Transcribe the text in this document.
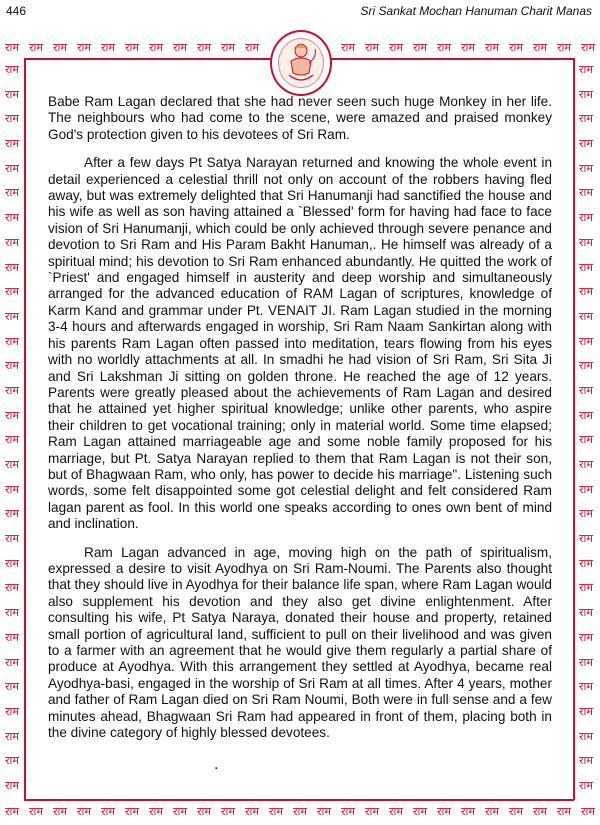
446	Sri Sankat Mochan Hanuman Charit Manas
राम राम राम राम राम राम राम राम राम राम राम	राम राम राम राम राम राम राम राम राम राम राम
राम राम राम राम राम राम राम राम राम राम राम राम राम राम राम राम राम राम राम राम राम राम राम राम राम
राम
राम
राम
राम
राम
राम
राम
राम
राम
राम
राम
राम
राम
राम
राम
राम
राम
राम
राम
राम
राम
राम
राम
राम
राम
राम
राम
राम
राम
राम
राम
राम
राम
राम
राम
राम
राम
राम
राम
राम
राम
राम
राम
राम
राम
राम
राम
राम
राम
राम
राम
राम
राम
राम
राम
राम
राम
राम
राम
राम

Babe Ram Lagan declared that she had never seen such huge Monkey in her life. The neighbours who had come to the scene, were amazed and praised monkey God's protection given to his devotees of Sri Ram.

After a few days Pt Satya Narayan returned and knowing the whole event in detail experienced a celestial thrill not only on account of the robbers having fled away, but was extremely delighted that Sri Hanumanji had sanctified the house and his wife as well as son having attained a `Blessed' form for having had face to face vision of Sri Hanumanji, which could be only achieved through severe penance and devotion to Sri Ram and His Param Bakht Hanuman,. He himself was already of a spiritual mind; his devotion to Sri Ram enhanced abundantly. He quitted the work of `Priest' and engaged himself in austerity and deep worship and simultaneously arranged for the advanced education of RAM Lagan of scriptures, knowledge of Karm Kand and grammar under Pt. VENAIT JI. Ram Lagan studied in the morning 3-4 hours and afterwards engaged in worship, Sri Ram Naam Sankirtan along with his parents Ram Lagan often passed into meditation, tears flowing from his eyes with no worldly attachments at all. In smadhi he had vision of Sri Ram, Sri Sita Ji and Sri Lakshman Ji sitting on golden throne. He reached the age of 12 years. Parents were greatly pleased about the achievements of Ram Lagan and desired that he attained yet higher spiritual knowledge; unlike other parents, who aspire their children to get vocational training; only in material world. Some time elapsed; Ram Lagan attained marriageable age and some noble family proposed for his marriage, but Pt. Satya Narayan replied to them that Ram Lagan is not their son, but of Bhagwaan Ram, who only, has power to decide his marriage". Listening such words, some felt disappointed some got celestial delight and felt considered Ram lagan parent as fool. In this world one speaks according to ones own bent of mind and inclination.

Ram Lagan advanced in age, moving high on the path of spiritualism, expressed a desire to visit Ayodhya on Sri Ram-Noumi. The Parents also thought that they should live in Ayodhya for their balance life span, where Ram Lagan would also supplement his devotion and they also get divine enlightenment. After consulting his wife, Pt Satya Naraya, donated their house and property, retained small portion of agricultural land, sufficient to pull on their livelihood and was given to a farmer with an agreement that he would give them regularly a partial share of produce at Ayodhya. With this arrangement they settled at Ayodhya, became real Ayodhya-basi, engaged in the worship of Sri Ram at all times. After 4 years, mother and father of Ram Lagan died on Sri Ram Noumi, Both were in full sense and a few minutes ahead, Bhagwaan Sri Ram had appeared in front of them, placing both in the divine category of highly blessed devotees.

.
